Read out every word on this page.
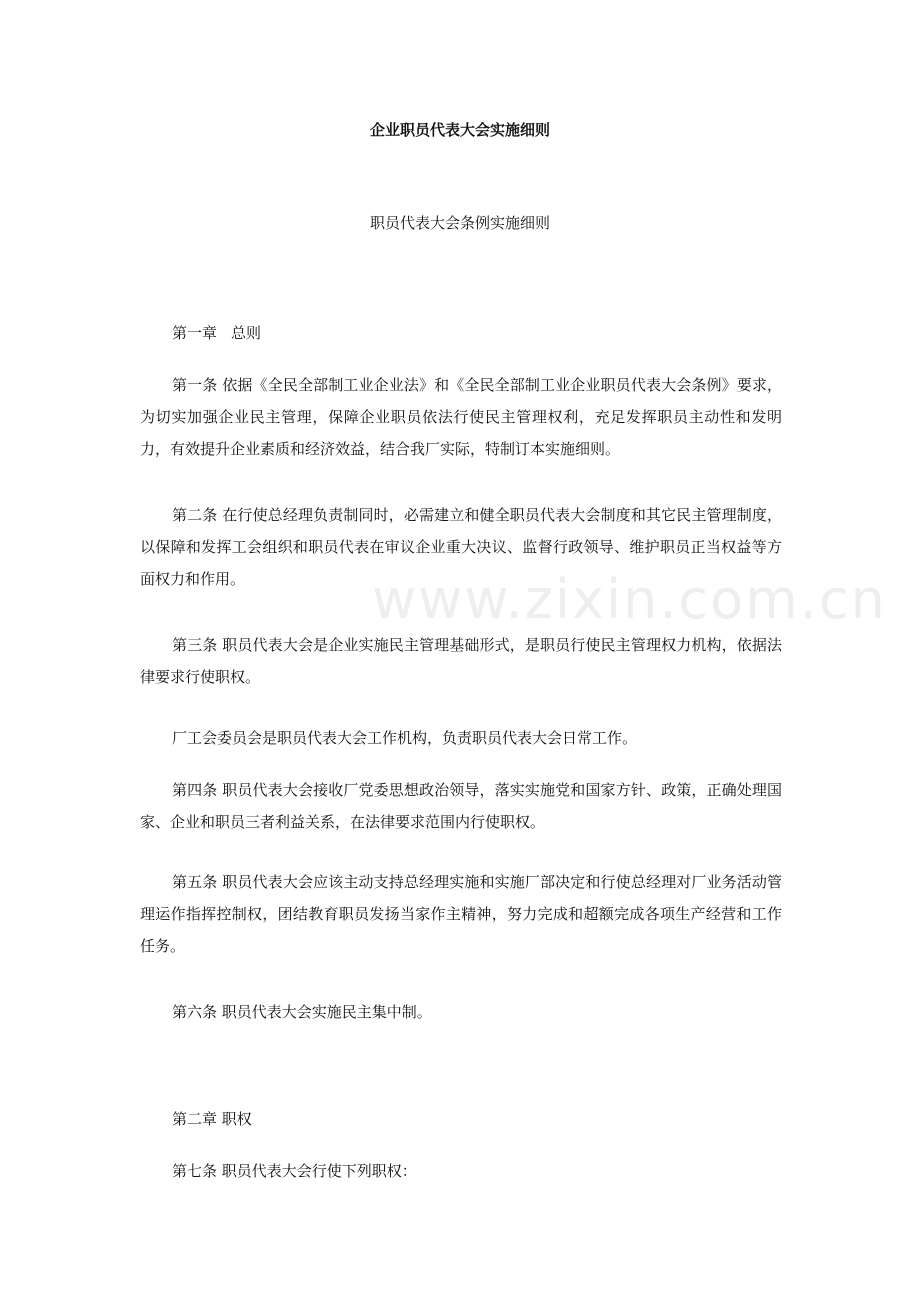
www.zixin.com.cn
企业职员代表大会实施细则
职员代表大会条例实施细则

第一章 总则

第一条 依据《全民全部制工业企业法》和《全民全部制工业企业职员代表大会条例》要求，为切实加强企业民主管理，保障企业职员依法行使民主管理权利，充足发挥职员主动性和发明力，有效提升企业素质和经济效益，结合我厂实际，特制订本实施细则。

第二条 在行使总经理负责制同时，必需建立和健全职员代表大会制度和其它民主管理制度，以保障和发挥工会组织和职员代表在审议企业重大决议、监督行政领导、维护职员正当权益等方面权力和作用。

第三条 职员代表大会是企业实施民主管理基础形式，是职员行使民主管理权力机构，依据法律要求行使职权。

厂工会委员会是职员代表大会工作机构，负责职员代表大会日常工作。

第四条 职员代表大会接收厂党委思想政治领导，落实实施党和国家方针、政策，正确处理国家、企业和职员三者利益关系，在法律要求范围内行使职权。

第五条 职员代表大会应该主动支持总经理实施和实施厂部决定和行使总经理对厂业务活动管理运作指挥控制权，团结教育职员发扬当家作主精神，努力完成和超额完成各项生产经营和工作任务。

第六条 职员代表大会实施民主集中制。

第二章 职权

第七条 职员代表大会行使下列职权：
